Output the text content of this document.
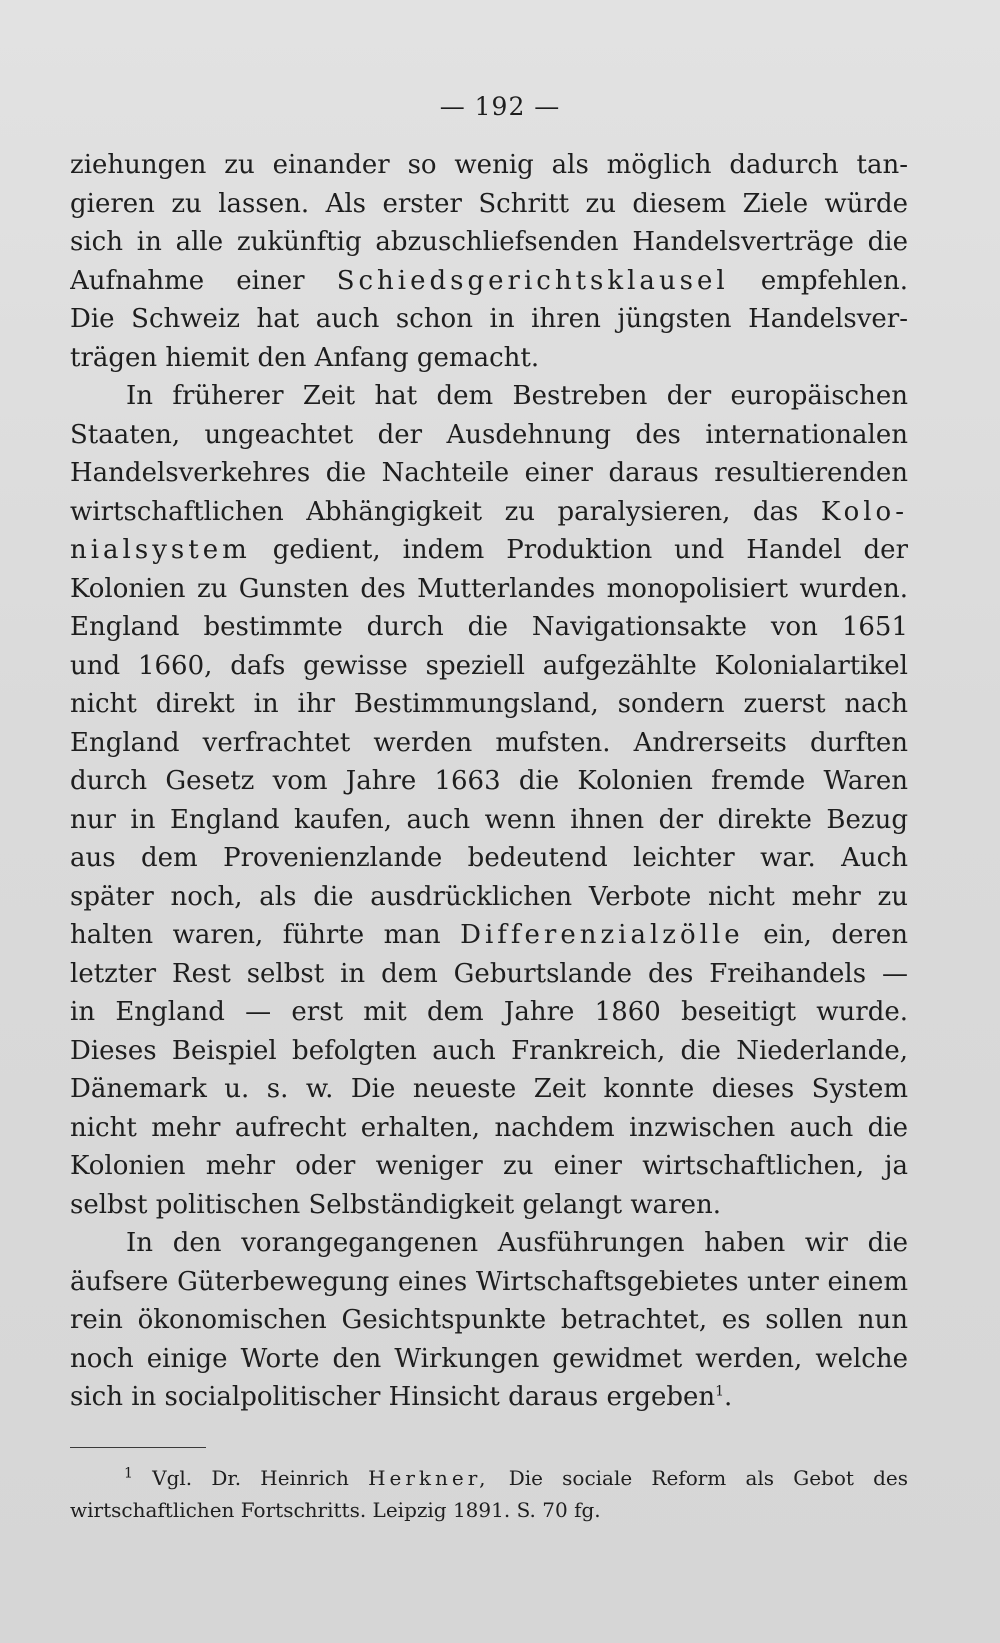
— 192 —
ziehungen zu einander so wenig als möglich dadurch tan-
gieren zu lassen. Als erster Schritt zu diesem Ziele würde
sich in alle zukünftig abzuschliefsenden Handelsverträge die
Aufnahme einer Schiedsgerichtsklausel empfehlen.
Die Schweiz hat auch schon in ihren jüngsten Handelsver-
trägen hiemit den Anfang gemacht.
In früherer Zeit hat dem Bestreben der europäischen
Staaten, ungeachtet der Ausdehnung des internationalen
Handelsverkehres die Nachteile einer daraus resultierenden
wirtschaftlichen Abhängigkeit zu paralysieren, das Kolo-
nialsystem gedient, indem Produktion und Handel der
Kolonien zu Gunsten des Mutterlandes monopolisiert wurden.
England bestimmte durch die Navigationsakte von 1651
und 1660, dafs gewisse speziell aufgezählte Kolonialartikel
nicht direkt in ihr Bestimmungsland, sondern zuerst nach
England verfrachtet werden mufsten. Andrerseits durften
durch Gesetz vom Jahre 1663 die Kolonien fremde Waren
nur in England kaufen, auch wenn ihnen der direkte Bezug
aus dem Provenienzlande bedeutend leichter war. Auch
später noch, als die ausdrücklichen Verbote nicht mehr zu
halten waren, führte man Differenzialzölle ein, deren
letzter Rest selbst in dem Geburtslande des Freihandels —
in England — erst mit dem Jahre 1860 beseitigt wurde.
Dieses Beispiel befolgten auch Frankreich, die Niederlande,
Dänemark u. s. w. Die neueste Zeit konnte dieses System
nicht mehr aufrecht erhalten, nachdem inzwischen auch die
Kolonien mehr oder weniger zu einer wirtschaftlichen, ja
selbst politischen Selbständigkeit gelangt waren.
In den vorangegangenen Ausführungen haben wir die
äufsere Güterbewegung eines Wirtschaftsgebietes unter einem
rein ökonomischen Gesichtspunkte betrachtet, es sollen nun
noch einige Worte den Wirkungen gewidmet werden, welche
sich in socialpolitischer Hinsicht daraus ergeben$^1$.
$^1$ Vgl. Dr. Heinrich Herkner, Die sociale Reform als Gebot des
wirtschaftlichen Fortschritts. Leipzig 1891. S. 70 fg.
